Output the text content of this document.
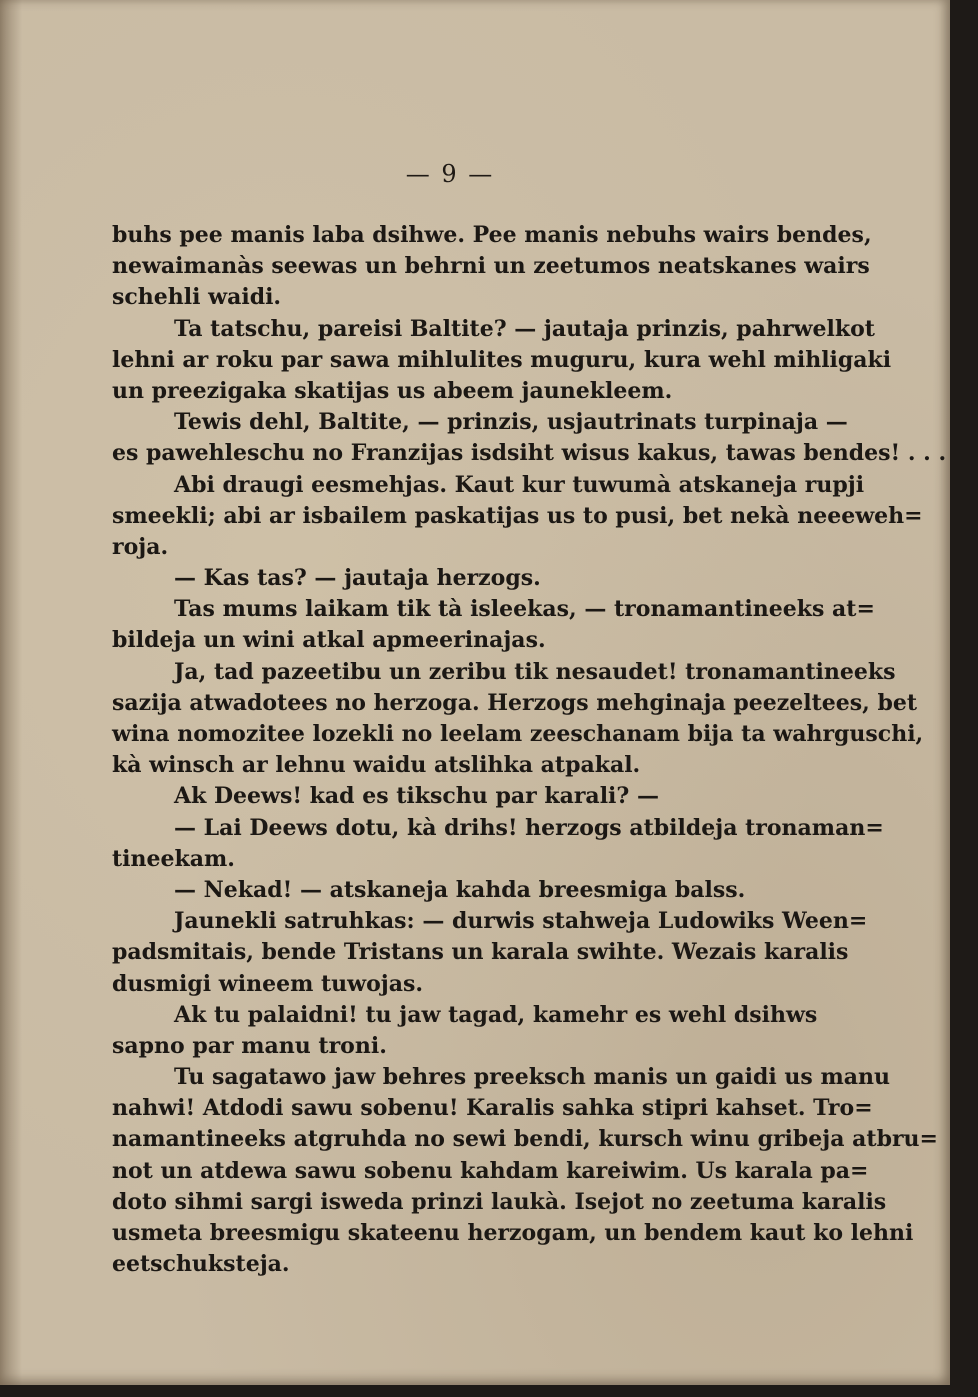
— 9 —
buhs pee manis laba dsihwe. Pee manis nebuhs wairs bendes,
newaimanàs seewas un behrni un zeetumos neatskanes wairs
schehli waidi.
Ta tatschu, pareisi Baltite? — jautaja prinzis, pahrwelkot
lehni ar roku par sawa mihlulites muguru, kura wehl mihligaki
un preezigaka skatijas us abeem jauneklееm.
Tewis dehl, Baltite, — prinzis, usjautrinats turpinaja —
es pawehleschu no Franzijas isdsiht wisus kakus, tawas bendes! . . .
Abi draugi eesmehjas. Kaut kur tuwumà atskaneja rupji
smeekli; abi ar isbailem paskatijas us to pusi, bet nekà neeeweh=
roja.
— Kas tas? — jautaja herzogs.
Tas mums laikam tik tà isleekas, — tronamantineeks at=
bildeja un wini atkal apmeerinajas.
Ja, tad pazeetibu un zeribu tik nesaudet! tronamantineeks
sazija atwadotees no herzoga. Herzogs mehginaja peezeltees, bet
wina nomozitee lozekli no leelam zeeschanam bija ta wahrguschi,
kà winsch ar lehnu waidu atslihka atpakal.
Ak Deews! kad es tikschu par karali? —
— Lai Deews dotu, kà drihs! herzogs atbildeja tronaman=
tineekam.
— Nekad! — atskaneja kahda breesmiga balss.
Jaunekli satruhkas: — durwis stahweja Ludowiks Ween=
padsmitais, bende Tristans un karala swihte. Wezais karalis
dusmigi wineem tuwojas.
Ak tu palaidni! tu jaw tagad, kamehr es wehl dsihws
sapno par manu troni.
Tu sagatawo jaw behres preeksch manis un gaidi us manu
nahwi! Atdodi sawu sobenu! Karalis sahka stipri kahset. Tro=
namantineeks atgruhda no sewi bendi, kursch winu gribeja atbru=
not un atdewa sawu sobenu kahdam kareiwim. Us karala pa=
doto sihmi sargi isweda prinzi laukà. Isejot no zeetuma karalis
usmeta breesmigu skateenu herzogam, un bendem kaut ko lehni
eetschukstеja.
